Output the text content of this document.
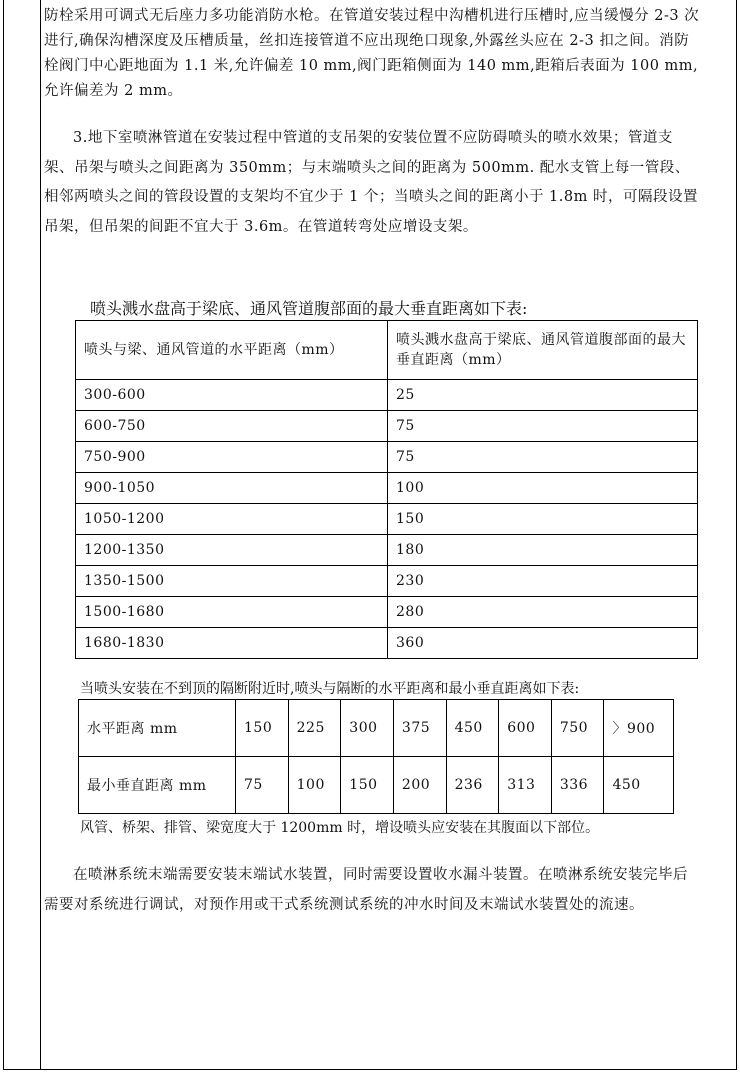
防栓采用可调式无后座力多功能消防水枪。在管道安装过程中沟槽机进行压槽时,应当缓慢分 2-3 次进行,确保沟槽深度及压槽质量，丝扣连接管道不应出现绝口现象,外露丝头应在 2-3 扣之间。消防栓阀门中心距地面为 1.1 米,允许偏差 10 mm,阀门距箱侧面为 140 mm,距箱后表面为 100 mm,允许偏差为 2 mm。

3.地下室喷淋管道在安装过程中管道的支吊架的安装位置不应防碍喷头的喷水效果；管道支架、吊架与喷头之间距离为 350mm；与末端喷头之间的距离为 500mm. 配水支管上每一管段、相邻两喷头之间的管段设置的支架均不宜少于 1 个；当喷头之间的距离小于 1.8m 时，可隔段设置吊架，但吊架的间距不宜大于 3.6m。在管道转弯处应增设支架。

喷头溅水盘高于梁底、通风管道腹部面的最大垂直距离如下表:
喷头与梁、通风管道的水平距离（mm）	喷头溅水盘高于梁底、通风管道腹部面的最大垂直距离（mm）
300-600	25
600-750	75
750-900	75
900-1050	100
1050-1200	150
1200-1350	180
1350-1500	230
1500-1680	280
1680-1830	360
当喷头安装在不到顶的隔断附近时,喷头与隔断的水平距离和最小垂直距离如下表:
水平距离 mm	150	225	300	375	450	600	750	〉900
最小垂直距离 mm	75	100	150	200	236	313	336	450
风管、桥架、排管、梁宽度大于 1200mm 时，增设喷头应安装在其腹面以下部位。

在喷淋系统末端需要安装末端试水装置，同时需要设置收水漏斗装置。在喷淋系统安装完毕后需要对系统进行调试，对预作用或干式系统测试系统的冲水时间及末端试水装置处的流速。
